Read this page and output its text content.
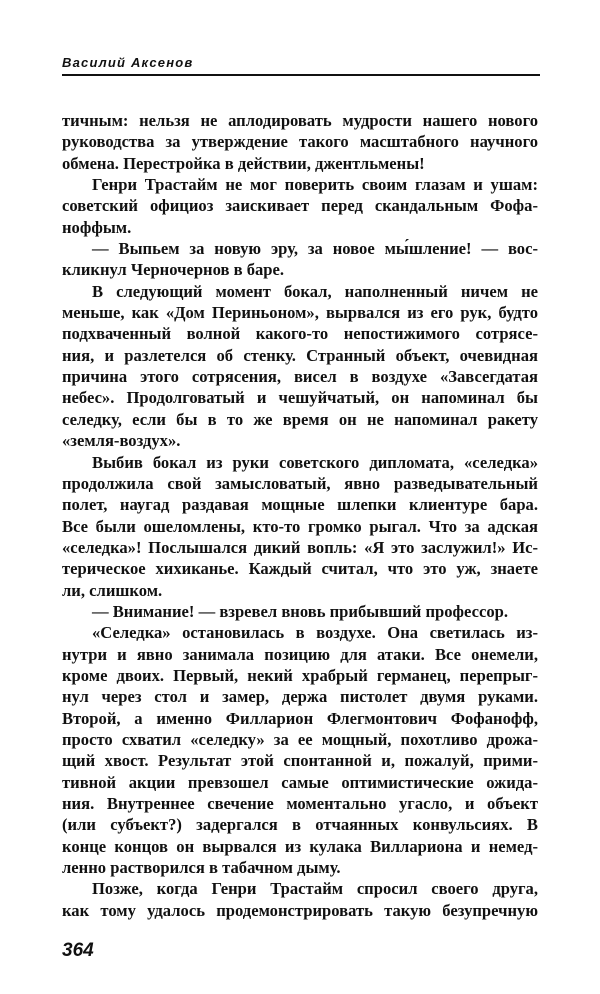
Василий Аксенов
тичным: нельзя не аплодировать мудрости нашего нового
руководства за утверждение такого масштабного научного
обмена. Перестройка в действии, джентльмены!
Генри Трастайм не мог поверить своим глазам и ушам:
советский официоз заискивает перед скандальным Фофа-
ноффым.
— Выпьем за новую эру, за новое мы́шление! — вос-
кликнул Черночернов в баре.
В следующий момент бокал, наполненный ничем не
меньше, как «Дом Периньоном», вырвался из его рук, будто
подхваченный волной какого-то непостижимого сотрясе-
ния, и разлетелся об стенку. Странный объект, очевидная
причина этого сотрясения, висел в воздухе «Завсегдатая
небес». Продолговатый и чешуйчатый, он напоминал бы
селедку, если бы в то же время он не напоминал ракету
«земля-воздух».
Выбив бокал из руки советского дипломата, «селедка»
продолжила свой замысловатый, явно разведывательный
полет, наугад раздавая мощные шлепки клиентуре бара.
Все были ошеломлены, кто-то громко рыгал. Что за адская
«селедка»! Послышался дикий вопль: «Я это заслужил!» Ис-
терическое хихиканье. Каждый считал, что это уж, знаете
ли, слишком.
— Внимание! — взревел вновь прибывший профессор.
«Селедка» остановилась в воздухе. Она светилась из-
нутри и явно занимала позицию для атаки. Все онемели,
кроме двоих. Первый, некий храбрый германец, перепрыг-
нул через стол и замер, держа пистолет двумя руками.
Второй, а именно Филларион Флегмонтович Фофанофф,
просто схватил «селедку» за ее мощный, похотливо дрожа-
щий хвост. Результат этой спонтанной и, пожалуй, прими-
тивной акции превзошел самые оптимистические ожида-
ния. Внутреннее свечение моментально угасло, и объект
(или субъект?) задергался в отчаянных конвульсиях. В
конце концов он вырвался из кулака Виллариона и немед-
ленно растворился в табачном дыму.
Позже, когда Генри Трастайм спросил своего друга,
как тому удалось продемонстрировать такую безупречную
364
